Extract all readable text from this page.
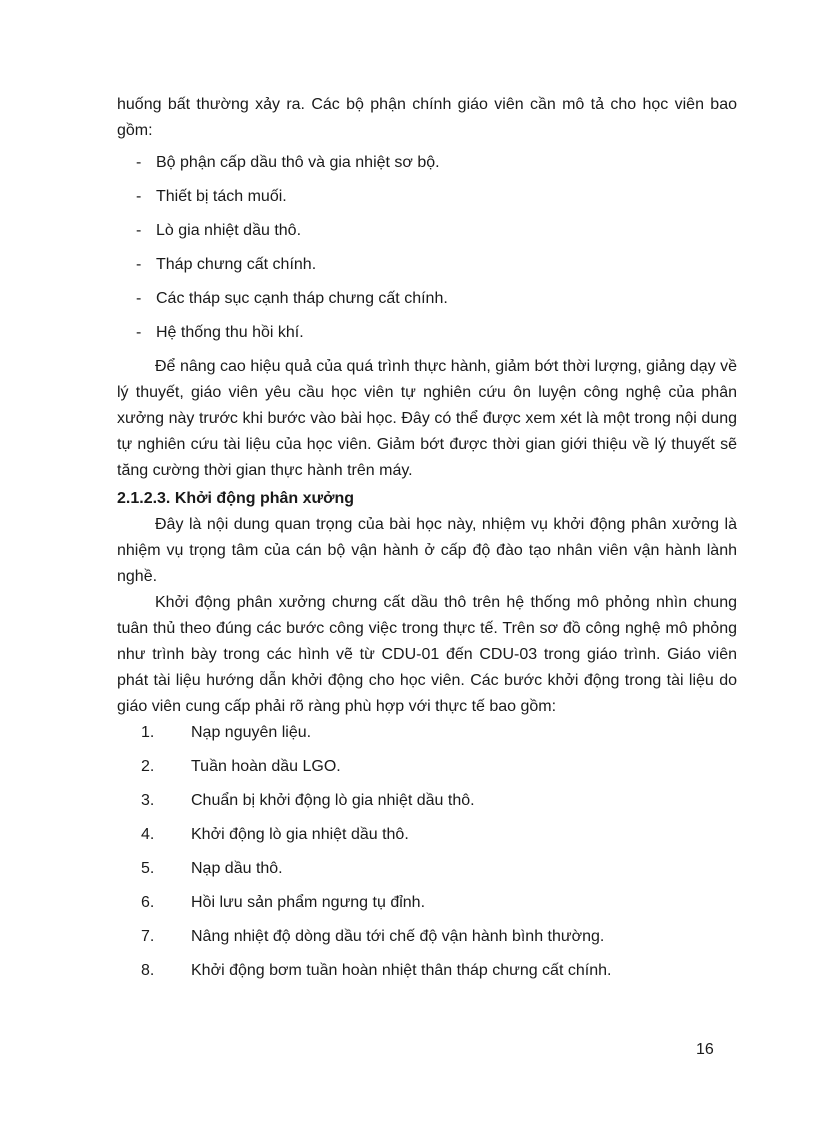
huống bất thường xảy ra. Các bộ phận chính giáo viên cần mô tả cho học viên bao gồm:

- Bộ phận cấp dầu thô và gia nhiệt sơ bộ.
- Thiết bị tách muối.
- Lò gia nhiệt dầu thô.
- Tháp chưng cất chính.
- Các tháp sục cạnh tháp chưng cất chính.
- Hệ thống thu hồi khí.

Để nâng cao hiệu quả của quá trình thực hành, giảm bớt thời lượng, giảng dạy về lý thuyết, giáo viên yêu cầu học viên tự nghiên cứu ôn luyện công nghệ của phân xưởng này trước khi bước vào bài học. Đây có thể được xem xét là một trong nội dung tự nghiên cứu tài liệu của học viên. Giảm bớt được thời gian giới thiệu về lý thuyết sẽ tăng cường thời gian thực hành trên máy.

2.1.2.3. Khởi động phân xưởng

Đây là nội dung quan trọng của bài học này, nhiệm vụ khởi động phân xưởng là nhiệm vụ trọng tâm của cán bộ vận hành ở cấp độ đào tạo nhân viên vận hành lành nghề.

Khởi động phân xưởng chưng cất dầu thô trên hệ thống mô phỏng nhìn chung tuân thủ theo đúng các bước công việc trong thực tế. Trên sơ đồ công nghệ mô phỏng như trình bày trong các hình vẽ từ CDU-01 đến CDU-03 trong giáo trình. Giáo viên phát tài liệu hướng dẫn khởi động cho học viên. Các bước khởi động trong tài liệu do giáo viên cung cấp phải rõ ràng phù hợp với thực tế bao gồm:

1. Nạp nguyên liệu.
2. Tuần hoàn dầu LGO.
3. Chuẩn bị khởi động lò gia nhiệt dầu thô.
4. Khởi động lò gia nhiệt dầu thô.
5. Nạp dầu thô.
6. Hồi lưu sản phẩm ngưng tụ đỉnh.
7. Nâng nhiệt độ dòng dầu tới chế độ vận hành bình thường.
8. Khởi động bơm tuần hoàn nhiệt thân tháp chưng cất chính.
16
